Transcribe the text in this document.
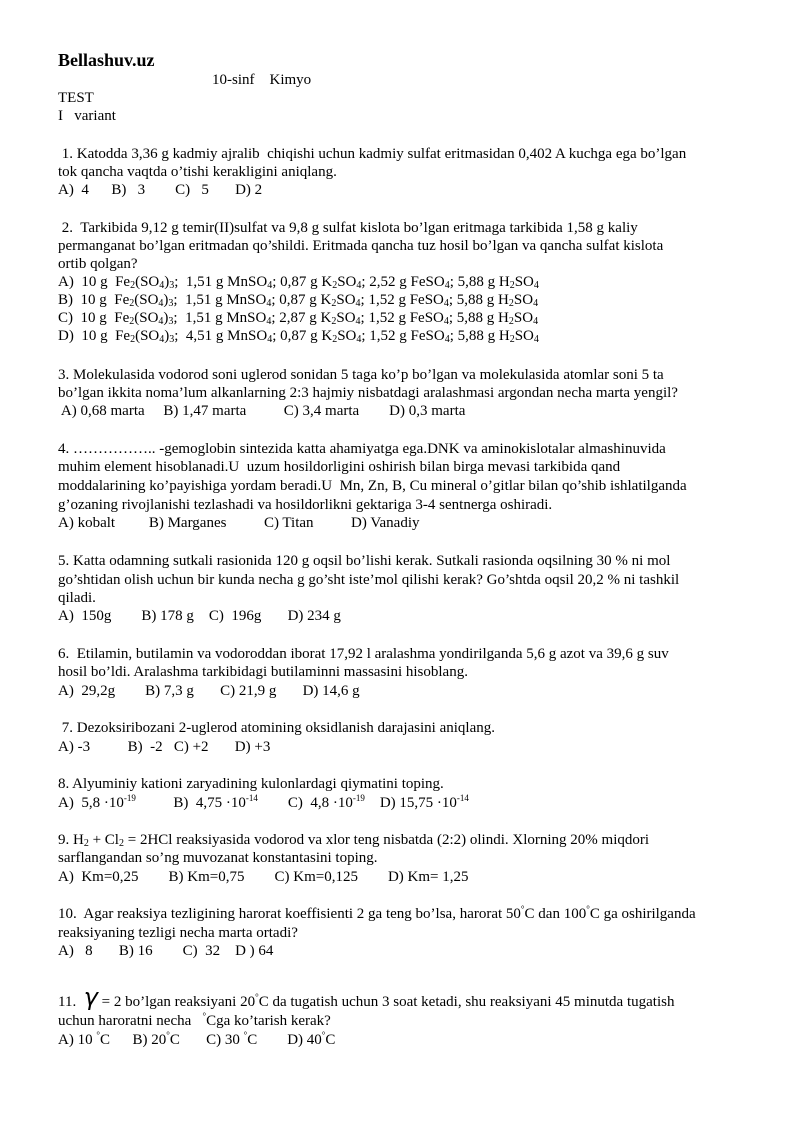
Bellashuv.uz
10-sinf    Kimyo
TEST
I   variant
1. Katodda 3,36 g kadmiy ajralib  chiqishi uchun kadmiy sulfat eritmasidan 0,402 A kuchga ega bo’lgan
tok qancha vaqtda o’tishi kerakligini aniqlang.
A)  4      B)   3        C)   5       D) 2
2.  Tarkibida 9,12 g temir(II)sulfat va 9,8 g sulfat kislota bo’lgan eritmaga tarkibida 1,58 g kaliy
permanganat bo’lgan eritmadan qo’shildi. Eritmada qancha tuz hosil bo’lgan va qancha sulfat kislota
ortib qolgan?
A)  10 g  $Fe_2(SO_4)_3$;  1,51 g MnSO$_4$; 0,87 g $K_2SO_4$; 2,52 g FeSO$_4$; 5,88 g $H_2SO_4$
B)  10 g  $Fe_2(SO_4)_3$;  1,51 g MnSO$_4$; 0,87 g $K_2SO_4$; 1,52 g FeSO$_4$; 5,88 g $H_2SO_4$
C)  10 g  $Fe_2(SO_4)_3$;  1,51 g MnSO$_4$; 2,87 g $K_2SO_4$; 1,52 g FeSO$_4$; 5,88 g $H_2SO_4$
D)  10 g  $Fe_2(SO_4)_3$;  4,51 g MnSO$_4$; 0,87 g $K_2SO_4$; 1,52 g FeSO$_4$; 5,88 g $H_2SO_4$
3. Molekulasida vodorod soni uglerod sonidan 5 taga ko’p bo’lgan va molekulasida atomlar soni 5 ta
bo’lgan ikkita noma’lum alkanlarning 2:3 hajmiy nisbatdagi aralashmasi argondan necha marta yengil?
A) 0,68 marta     B) 1,47 marta          C) 3,4 marta        D) 0,3 marta
4. …………….. -gemoglobin sintezida katta ahamiyatga ega.DNK va aminokislotalar almashinuvida
muhim element hisoblanadi.U  uzum hosildorligini oshirish bilan birga mevasi tarkibida qand
moddalarining ko’payishiga yordam beradi.U  Mn, Zn, B, Cu mineral o’gitlar bilan qo’shib ishlatilganda
g’ozaning rivojlanishi tezlashadi va hosildorlikni gektariga 3-4 sentnerga oshiradi.
A) kobalt         B) Marganes          C) Titan          D) Vanadiy
5. Katta odamning sutkali rasionida 120 g oqsil bo’lishi kerak. Sutkali rasionda oqsilning 30 % ni mol
go’shtidan olish uchun bir kunda necha g go’sht iste’mol qilishi kerak? Go’shtda oqsil 20,2 % ni tashkil
qiladi.
A)  150g        B) 178 g    C)  196g       D) 234 g
6.  Etilamin, butilamin va vodoroddan iborat 17,92 l aralashma yondirilganda 5,6 g azot va 39,6 g suv
hosil bo’ldi. Aralashma tarkibidagi butilaminni massasini hisoblang.
A)  29,2g        B) 7,3 g       C) 21,9 g       D) 14,6 g
7. Dezoksiribozani 2-uglerod atomining oksidlanish darajasini aniqlang.
A) -3          B)  -2   C) +2       D) +3
8. Alyuminiy kationi zaryadining kulonlardagi qiymatini toping.
A)  $5,8 \cdot 10^{-19}$          B)  $4,75 \cdot 10^{-14}$        C)  $4,8 \cdot 10^{-19}$    D) $15,75 \cdot 10^{-14}$
9. $H_2 + Cl_2 = 2HCl$ reaksiyasida vodorod va xlor teng nisbatda (2:2) olindi. Xlorning 20% miqdori
sarflangandan so’ng muvozanat konstantasini toping.
A)  Km=0,25        B) Km=0,75        C) Km=0,125        D) Km= 1,25
10.  Agar reaksiya tezligining harorat koeffisienti 2 ga teng bo’lsa, harorat 50°C dan 100°C ga oshirilganda
reaksiyaning tezligi necha marta ortadi?
A)   8       B) 16        C)  32    D ) 64
11.  γ = 2 bo’lgan reaksiyani 20°C da tugatish uchun 3 soat ketadi, shu reaksiyani 45 minutda tugatish
uchun haroratni necha   °Cga ko’tarish kerak?
A) 10 °C      B) 20°C       C) 30 °C        D) 40°C
